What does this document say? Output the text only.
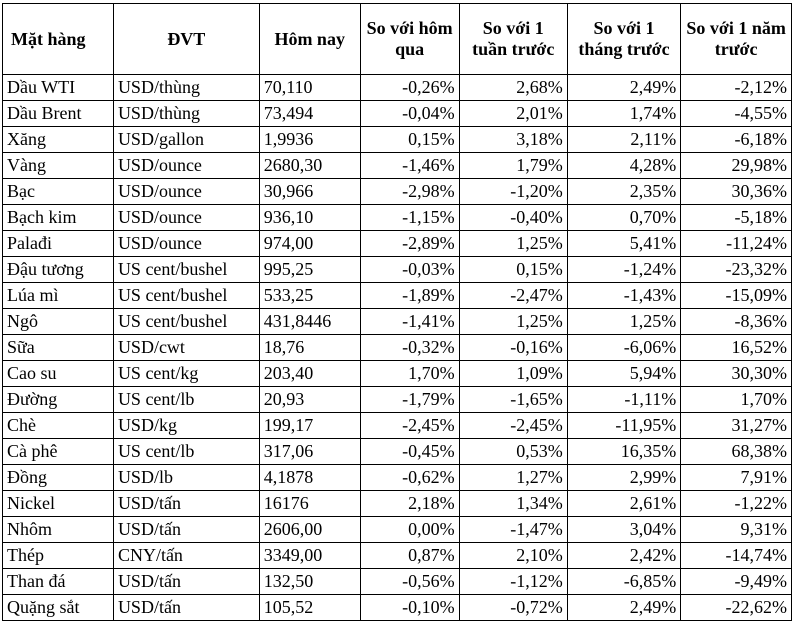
Mặt hàng	ĐVT	Hôm nay	So với hôm qua	So với 1 tuần trước	So với 1 tháng trước	So với 1 năm trước
Dầu WTI	USD/thùng	70,110	-0,26%	2,68%	2,49%	-2,12%
Dầu Brent	USD/thùng	73,494	-0,04%	2,01%	1,74%	-4,55%
Xăng	USD/gallon	1,9936	0,15%	3,18%	2,11%	-6,18%
Vàng	USD/ounce	2680,30	-1,46%	1,79%	4,28%	29,98%
Bạc	USD/ounce	30,966	-2,98%	-1,20%	2,35%	30,36%
Bạch kim	USD/ounce	936,10	-1,15%	-0,40%	0,70%	-5,18%
Palađi	USD/ounce	974,00	-2,89%	1,25%	5,41%	-11,24%
Đậu tương	US cent/bushel	995,25	-0,03%	0,15%	-1,24%	-23,32%
Lúa mì	US cent/bushel	533,25	-1,89%	-2,47%	-1,43%	-15,09%
Ngô	US cent/bushel	431,8446	-1,41%	1,25%	1,25%	-8,36%
Sữa	USD/cwt	18,76	-0,32%	-0,16%	-6,06%	16,52%
Cao su	US cent/kg	203,40	1,70%	1,09%	5,94%	30,30%
Đường	US cent/lb	20,93	-1,79%	-1,65%	-1,11%	1,70%
Chè	USD/kg	199,17	-2,45%	-2,45%	-11,95%	31,27%
Cà phê	US cent/lb	317,06	-0,45%	0,53%	16,35%	68,38%
Đồng	USD/lb	4,1878	-0,62%	1,27%	2,99%	7,91%
Nickel	USD/tấn	16176	2,18%	1,34%	2,61%	-1,22%
Nhôm	USD/tấn	2606,00	0,00%	-1,47%	3,04%	9,31%
Thép	CNY/tấn	3349,00	0,87%	2,10%	2,42%	-14,74%
Than đá	USD/tấn	132,50	-0,56%	-1,12%	-6,85%	-9,49%
Quặng sắt	USD/tấn	105,52	-0,10%	-0,72%	2,49%	-22,62%
